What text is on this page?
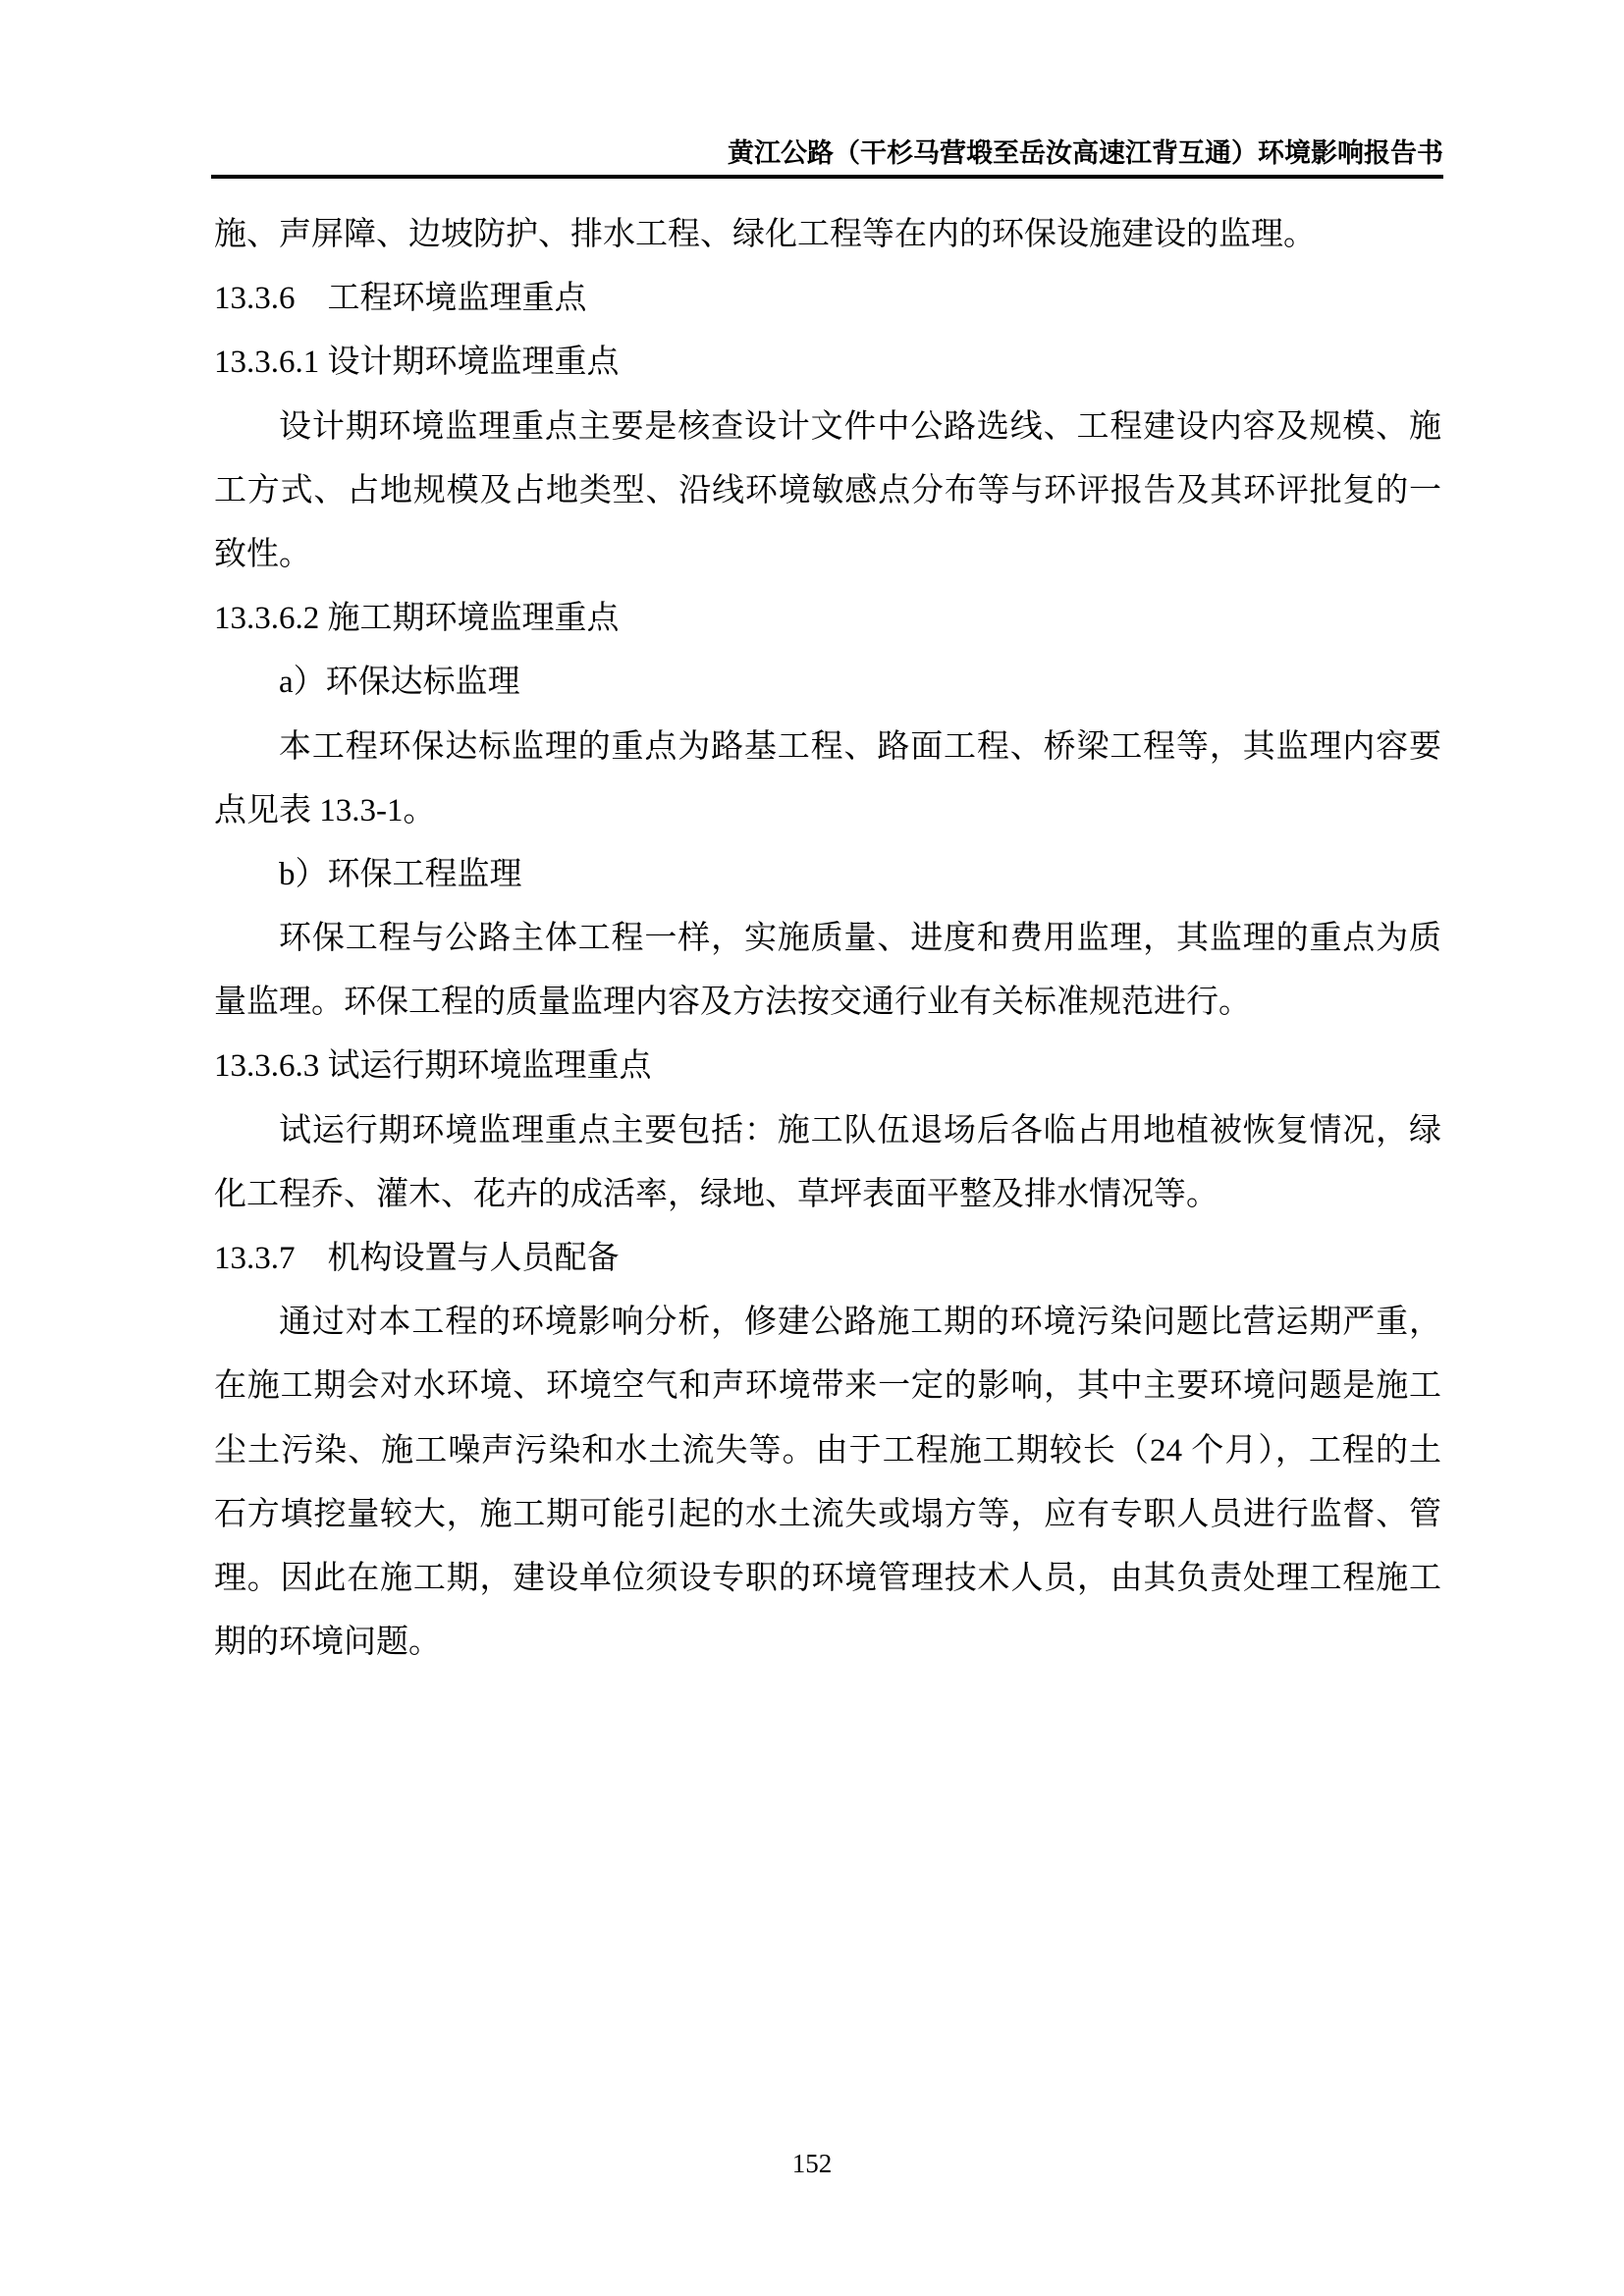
黄江公路（干杉马营塅至岳汝高速江背互通）环境影响报告书
施、声屏障、边坡防护、排水工程、绿化工程等在内的环保设施建设的监理。
13.3.6　工程环境监理重点
13.3.6.1 设计期环境监理重点
设计期环境监理重点主要是核查设计文件中公路选线、工程建设内容及规模、施
工方式、占地规模及占地类型、沿线环境敏感点分布等与环评报告及其环评批复的一
致性。
13.3.6.2 施工期环境监理重点
a）环保达标监理
本工程环保达标监理的重点为路基工程、路面工程、桥梁工程等，其监理内容要
点见表 13.3-1。
b）环保工程监理
环保工程与公路主体工程一样，实施质量、进度和费用监理，其监理的重点为质
量监理。环保工程的质量监理内容及方法按交通行业有关标准规范进行。
13.3.6.3 试运行期环境监理重点
试运行期环境监理重点主要包括：施工队伍退场后各临占用地植被恢复情况，绿
化工程乔、灌木、花卉的成活率，绿地、草坪表面平整及排水情况等。
13.3.7　机构设置与人员配备
通过对本工程的环境影响分析，修建公路施工期的环境污染问题比营运期严重，
在施工期会对水环境、环境空气和声环境带来一定的影响，其中主要环境问题是施工
尘土污染、施工噪声污染和水土流失等。由于工程施工期较长（24 个月），工程的土
石方填挖量较大，施工期可能引起的水土流失或塌方等，应有专职人员进行监督、管
理。因此在施工期，建设单位须设专职的环境管理技术人员，由其负责处理工程施工
期的环境问题。
152
